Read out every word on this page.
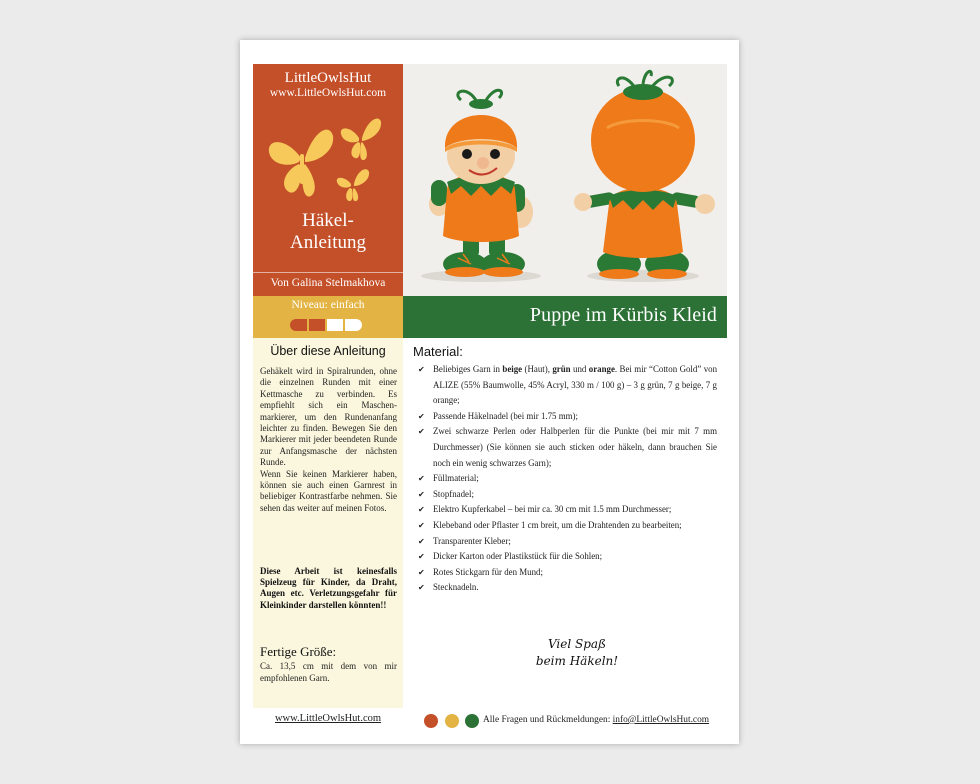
LittleOwlsHut
www.LittleOwlsHut.com
Häkel-
Anleitung
Von Galina Stelmakhova
Niveau: einfach
Über diese Anleitung
Gehäkelt wird in Spiralrunden, ohne die einzelnen Runden mit einer Kettmasche zu verbinden. Es empfiehlt sich ein Maschen-markierer, um den Rundenanfang leichter zu finden. Bewegen Sie den Markierer mit jeder beendeten Runde zur Anfangsmasche der nächsten Runde.
Wenn Sie keinen Markierer haben, können sie auch einen Garnrest in beliebiger Kontrastfarbe nehmen. Sie sehen das weiter auf meinen Fotos.
Diese Arbeit ist keinesfalls Spielzeug für Kinder, da Draht, Augen etc. Verletzungsgefahr für Kleinkinder darstellen könnten!!
Fertige Größe:
Ca. 13,5 cm mit dem von mir empfohlenen Garn.
Puppe im Kürbis Kleid
Material:
✔ Beliebiges Garn in beige (Haut), grün und orange. Bei mir “Cotton Gold” von ALIZE (55% Baumwolle, 45% Acryl, 330 m / 100 g) – 3 g grün, 7 g beige, 7 g orange;
✔ Passende Häkelnadel (bei mir 1.75 mm);
✔ Zwei schwarze Perlen oder Halbperlen für die Punkte (bei mir mit 7 mm Durchmesser) (Sie können sie auch sticken oder häkeln, dann brauchen Sie noch ein wenig schwarzes Garn);
✔ Füllmaterial;
✔ Stopfnadel;
✔ Elektro Kupferkabel – bei mir ca. 30 cm mit 1.5 mm Durchmesser;
✔ Klebeband oder Pflaster 1 cm breit, um die Drahtenden zu bearbeiten;
✔ Transparenter Kleber;
✔ Dicker Karton oder Plastikstück für die Sohlen;
✔ Rotes Stickgarn für den Mund;
✔ Stecknadeln.
Viel Spaß
beim Häkeln!
www.LittleOwlsHut.com	Alle Fragen und Rückmeldungen: info@LittleOwlsHut.com
